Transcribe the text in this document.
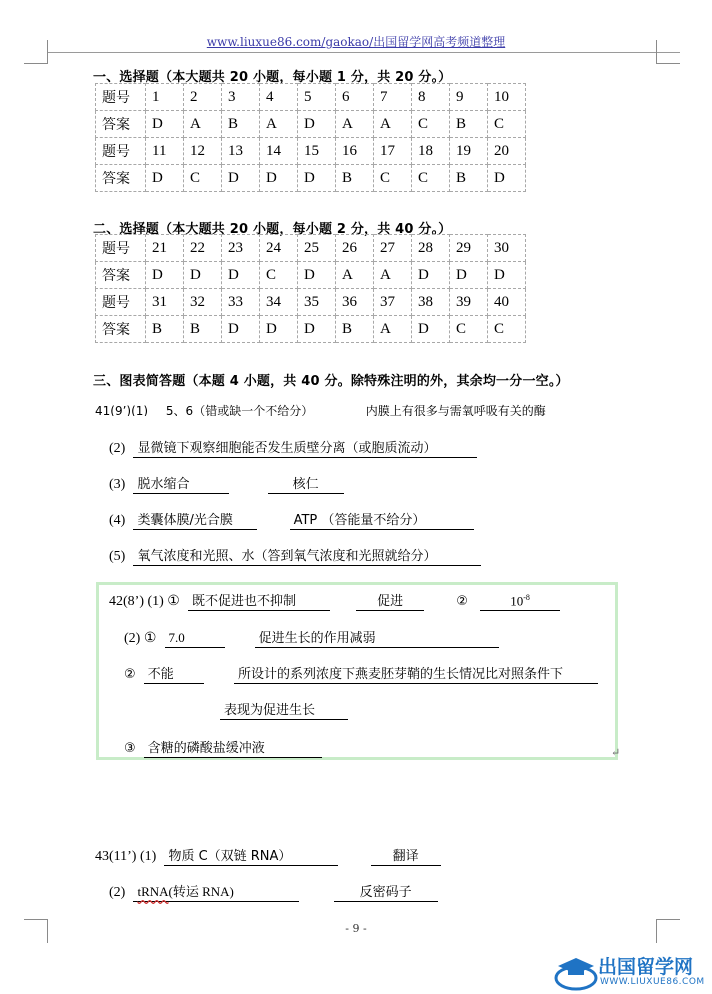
www.liuxue86.com/gaokao/出国留学网高考频道整理
一、选择题（本大题共 20 小题，每小题 1 分，共 20 分。）
题号	1	2	3	4	5	6	7	8	9	10
答案	D	A	B	A	D	A	A	C	B	C
题号	11	12	13	14	15	16	17	18	19	20
答案	D	C	D	D	D	B	C	C	B	D
二、选择题（本大题共 20 小题，每小题 2 分，共 40 分。）
题号	21	22	23	24	25	26	27	28	29	30
答案	D	D	D	C	D	A	A	D	D	D
题号	31	32	33	34	35	36	37	38	39	40
答案	B	B	D	D	D	B	A	D	C	C
三、图表简答题（本题 4 小题，共 40 分。除特殊注明的外，其余均一分一空。）
41(9’)(1) 5、6（错或缺一个不给分）	内膜上有很多与需氧呼吸有关的酶
(2) 显微镜下观察细胞能否发生质壁分离（或胞质流动）
(3) 脱水缩合	核仁
(4) 类囊体膜/光合膜	ATP （答能量不给分）
(5) 氧气浓度和光照、水（答到氧气浓度和光照就给分）
42(8’) (1) ① 既不促进也不抑制	促进	②	$10^{-8}$
(2) ① 7.0	促进生长的作用减弱
② 不能	所设计的系列浓度下燕麦胚芽鞘的生长情况比对照条件下
表现为促进生长
③ 含糖的磷酸盐缓冲液	↵
43(11’) (1) 物质 C（双链 RNA）	翻译
(2) tRNA(转运 RNA)	反密码子
- 9 -
出国留学网
WWW.LIUXUE86.COM
